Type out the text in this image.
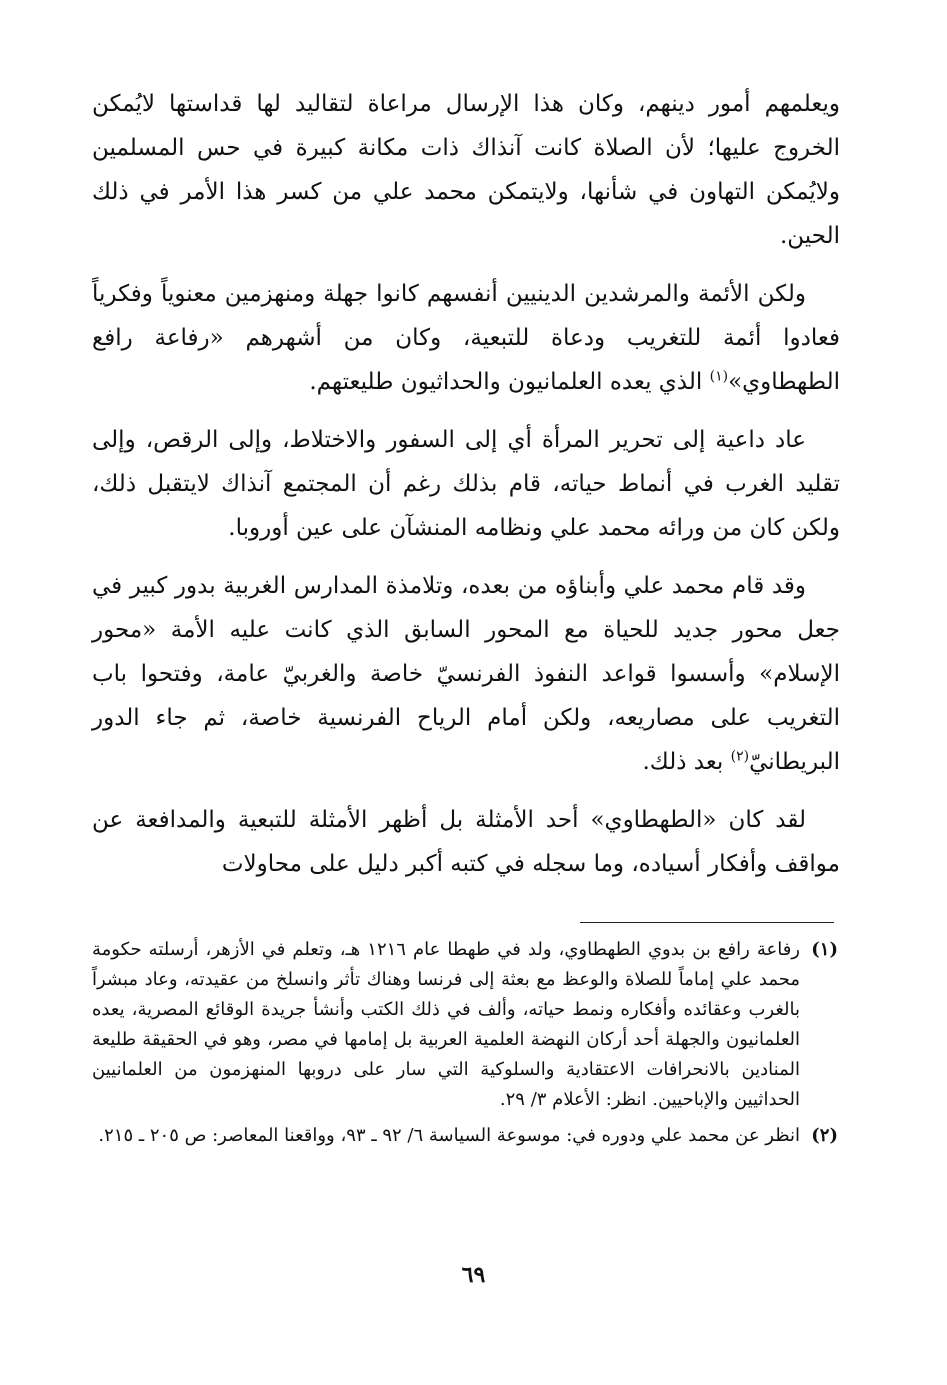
ويعلمهم أمور دينهم، وكان هذا الإرسال مراعاة لتقاليد لها قداستها لايُمكن الخروج عليها؛ لأن الصلاة كانت آنذاك ذات مكانة كبيرة في حس المسلمين ولايُمكن التهاون في شأنها، ولايتمكن محمد علي من كسر هذا الأمر في ذلك الحين.

ولكن الأئمة والمرشدين الدينيين أنفسهم كانوا جهلة ومنهزمين معنوياً وفكرياً فعادوا أئمة للتغريب ودعاة للتبعية، وكان من أشهرهم «رفاعة رافع الطهطاوي»$^{(١)}$ الذي يعده العلمانيون والحداثيون طليعتهم.

عاد داعية إلى تحرير المرأة أي إلى السفور والاختلاط، وإلى الرقص، وإلى تقليد الغرب في أنماط حياته، قام بذلك رغم أن المجتمع آنذاك لايتقبل ذلك، ولكن كان من ورائه محمد علي ونظامه المنشآن على عين أوروبا.

وقد قام محمد علي وأبناؤه من بعده، وتلامذة المدارس الغربية بدور كبير في جعل محور جديد للحياة مع المحور السابق الذي كانت عليه الأمة «محور الإسلام» وأسسوا قواعد النفوذ الفرنسيّ خاصة والغربيّ عامة، وفتحوا باب التغريب على مصاريعه، ولكن أمام الرياح الفرنسية خاصة، ثم جاء الدور البريطانيّ$^{(٢)}$ بعد ذلك.

لقد كان «الطهطاوي» أحد الأمثلة بل أظهر الأمثلة للتبعية والمدافعة عن مواقف وأفكار أسياده، وما سجله في كتبه أكبر دليل على محاولات

(١)
رفاعة رافع بن بدوي الطهطاوي، ولد في طهطا عام ١٢١٦ هـ، وتعلم في الأزهر، أرسلته حكومة محمد علي إماماً للصلاة والوعظ مع بعثة إلى فرنسا وهناك تأثر وانسلخ من عقيدته، وعاد مبشراً بالغرب وعقائده وأفكاره ونمط حياته، وألف في ذلك الكتب وأنشأ جريدة الوقائع المصرية، يعده العلمانيون والجهلة أحد أركان النهضة العلمية العربية بل إمامها في مصر، وهو في الحقيقة طليعة المنادين بالانحرافات الاعتقادية والسلوكية التي سار على دروبها المنهزمون من العلمانيين الحداثيين والإباحيين. انظر: الأعلام ٣/ ٢٩.
(٢)
انظر عن محمد علي ودوره في: موسوعة السياسة ٦/ ٩٢ ـ ٩٣، وواقعنا المعاصر: ص ٢٠٥ ـ ٢١٥.
٦٩
